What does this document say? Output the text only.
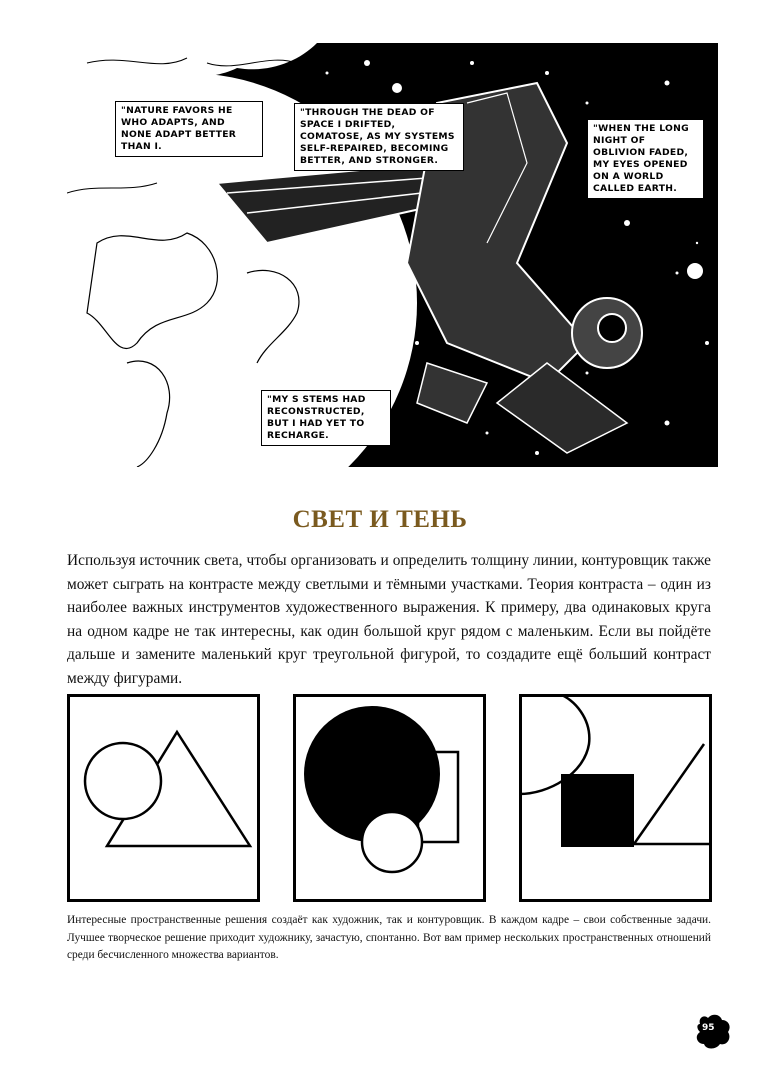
"NATURE FAVORS HE WHO ADAPTS, AND NONE ADAPT BETTER THAN I.
"THROUGH THE DEAD OF SPACE I DRIFTED, COMATOSE, AS MY SYSTEMS SELF-REPAIRED, BECOMING BETTER, AND STRONGER.
"WHEN THE LONG NIGHT OF OBLIVION FADED, MY EYES OPENED ON A WORLD CALLED EARTH.
"MY S STEMS HAD RECONSTRUCTED, BUT I HAD YET TO RECHARGE.
СВЕТ И ТЕНЬ
Используя источник света, чтобы организовать и определить толщину линии, контуровщик также может сыграть на контрасте между светлыми и тёмными участками. Теория контраста – один из наиболее важных инструментов художественного выражения. К примеру, два одинаковых круга на одном кадре не так интересны, как один большой круг рядом с маленьким. Если вы пойдёте дальше и замените маленький круг треугольной фигурой, то создадите ещё больший контраст между фигурами.
Интересные пространственные решения создаёт как художник, так и контуровщик. В каждом кадре – свои собственные задачи. Лучшее творческое решение приходит художнику, зачастую, спонтанно. Вот вам пример нескольких пространственных отношений среди бесчисленного множества вариантов.
95
